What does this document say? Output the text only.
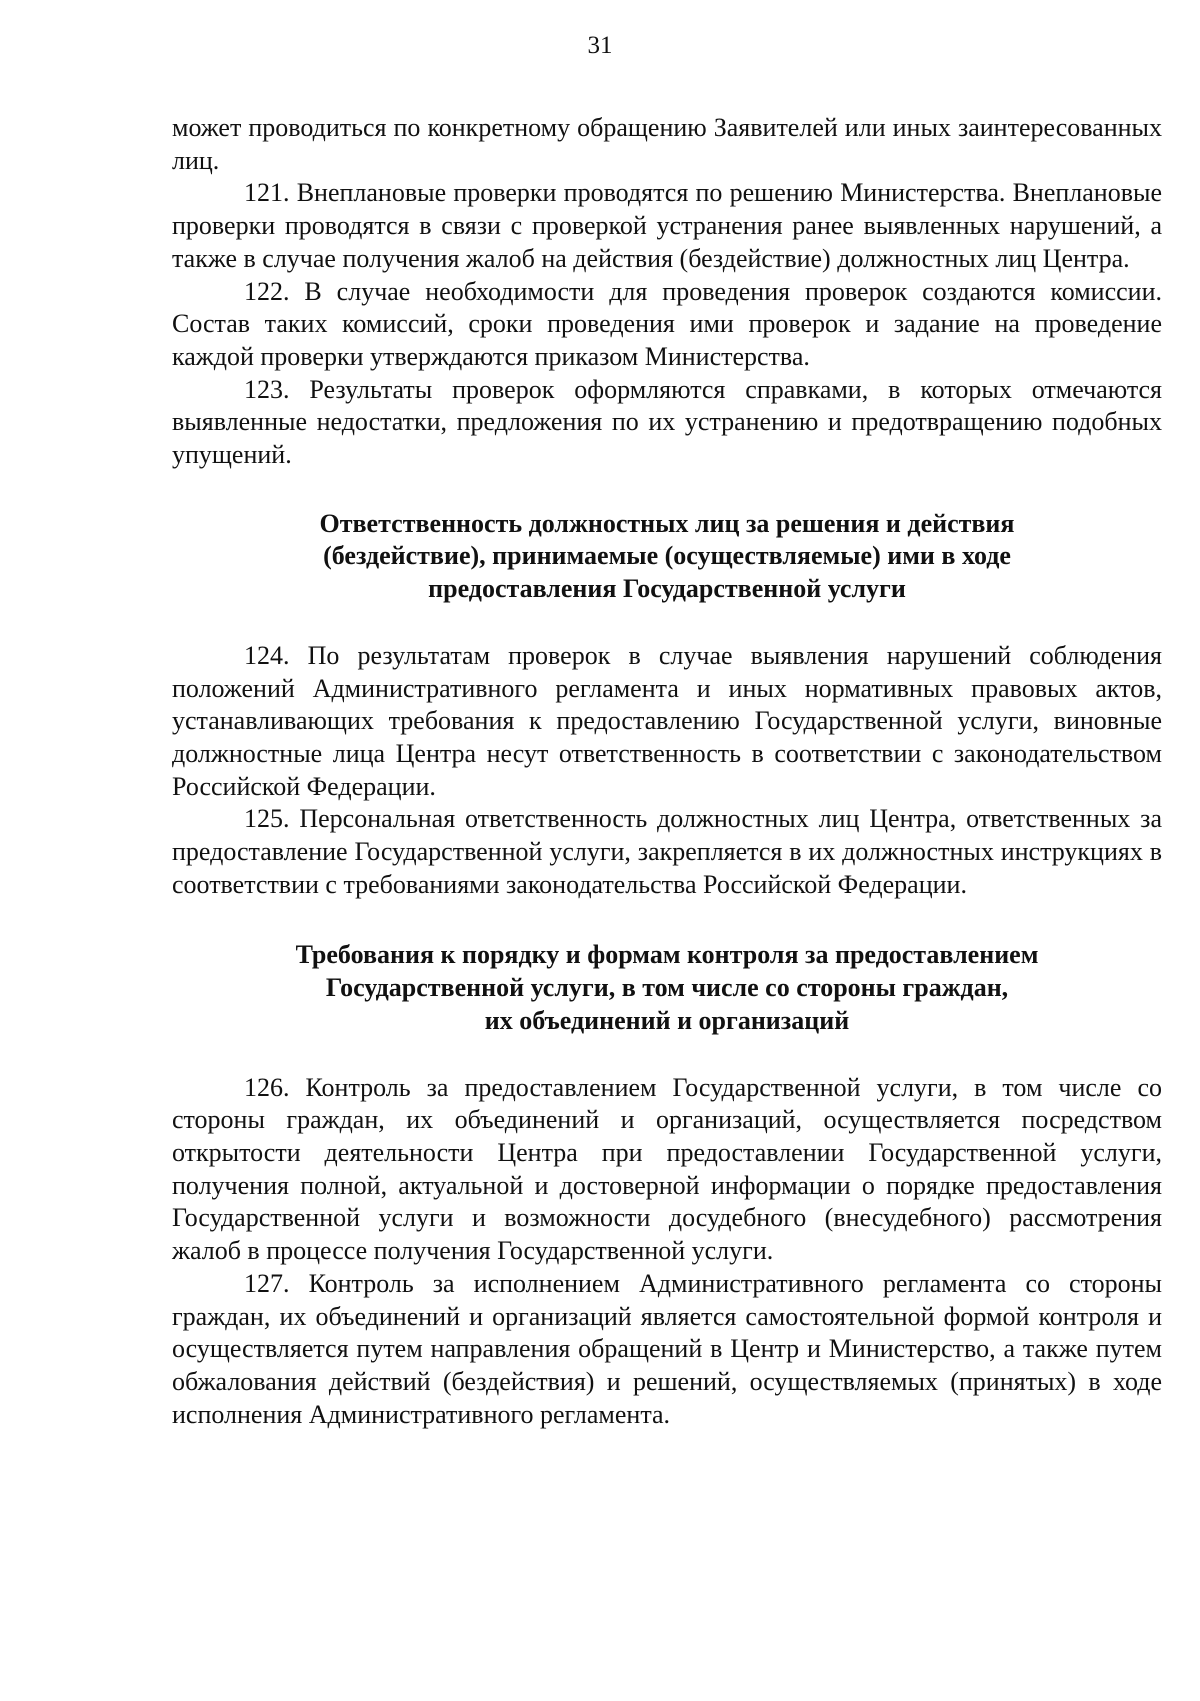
31

может проводиться по конкретному обращению Заявителей или иных заинтересованных лиц.

121. Внеплановые проверки проводятся по решению Министерства. Внеплановые проверки проводятся в связи с проверкой устранения ранее выявленных нарушений, а также в случае получения жалоб на действия (бездействие) должностных лиц Центра.

122. В случае необходимости для проведения проверок создаются комиссии. Состав таких комиссий, сроки проведения ими проверок и задание на проведение каждой проверки утверждаются приказом Министерства.

123. Результаты проверок оформляются справками, в которых отмечаются выявленные недостатки, предложения по их устранению и предотвращению подобных упущений.

Ответственность должностных лиц за решения и действия
(бездействие), принимаемые (осуществляемые) ими в ходе
предоставления Государственной услуги

124. По результатам проверок в случае выявления нарушений соблюдения положений Административного регламента и иных нормативных правовых актов, устанавливающих требования к предоставлению Государственной услуги, виновные должностные лица Центра несут ответственность в соответствии с законодательством Российской Федерации.

125. Персональная ответственность должностных лиц Центра, ответственных за предоставление Государственной услуги, закрепляется в их должностных инструкциях в соответствии с требованиями законодательства Российской Федерации.

Требования к порядку и формам контроля за предоставлением
Государственной услуги, в том числе со стороны граждан,
их объединений и организаций

126. Контроль за предоставлением Государственной услуги, в том числе со стороны граждан, их объединений и организаций, осуществляется посредством открытости деятельности Центра при предоставлении Государственной услуги, получения полной, актуальной и достоверной информации о порядке предоставления Государственной услуги и возможности досудебного (внесудебного) рассмотрения жалоб в процессе получения Государственной услуги.

127. Контроль за исполнением Административного регламента со стороны граждан, их объединений и организаций является самостоятельной формой контроля и осуществляется путем направления обращений в Центр и Министерство, а также путем обжалования действий (бездействия) и решений, осуществляемых (принятых) в ходе исполнения Административного регламента.
